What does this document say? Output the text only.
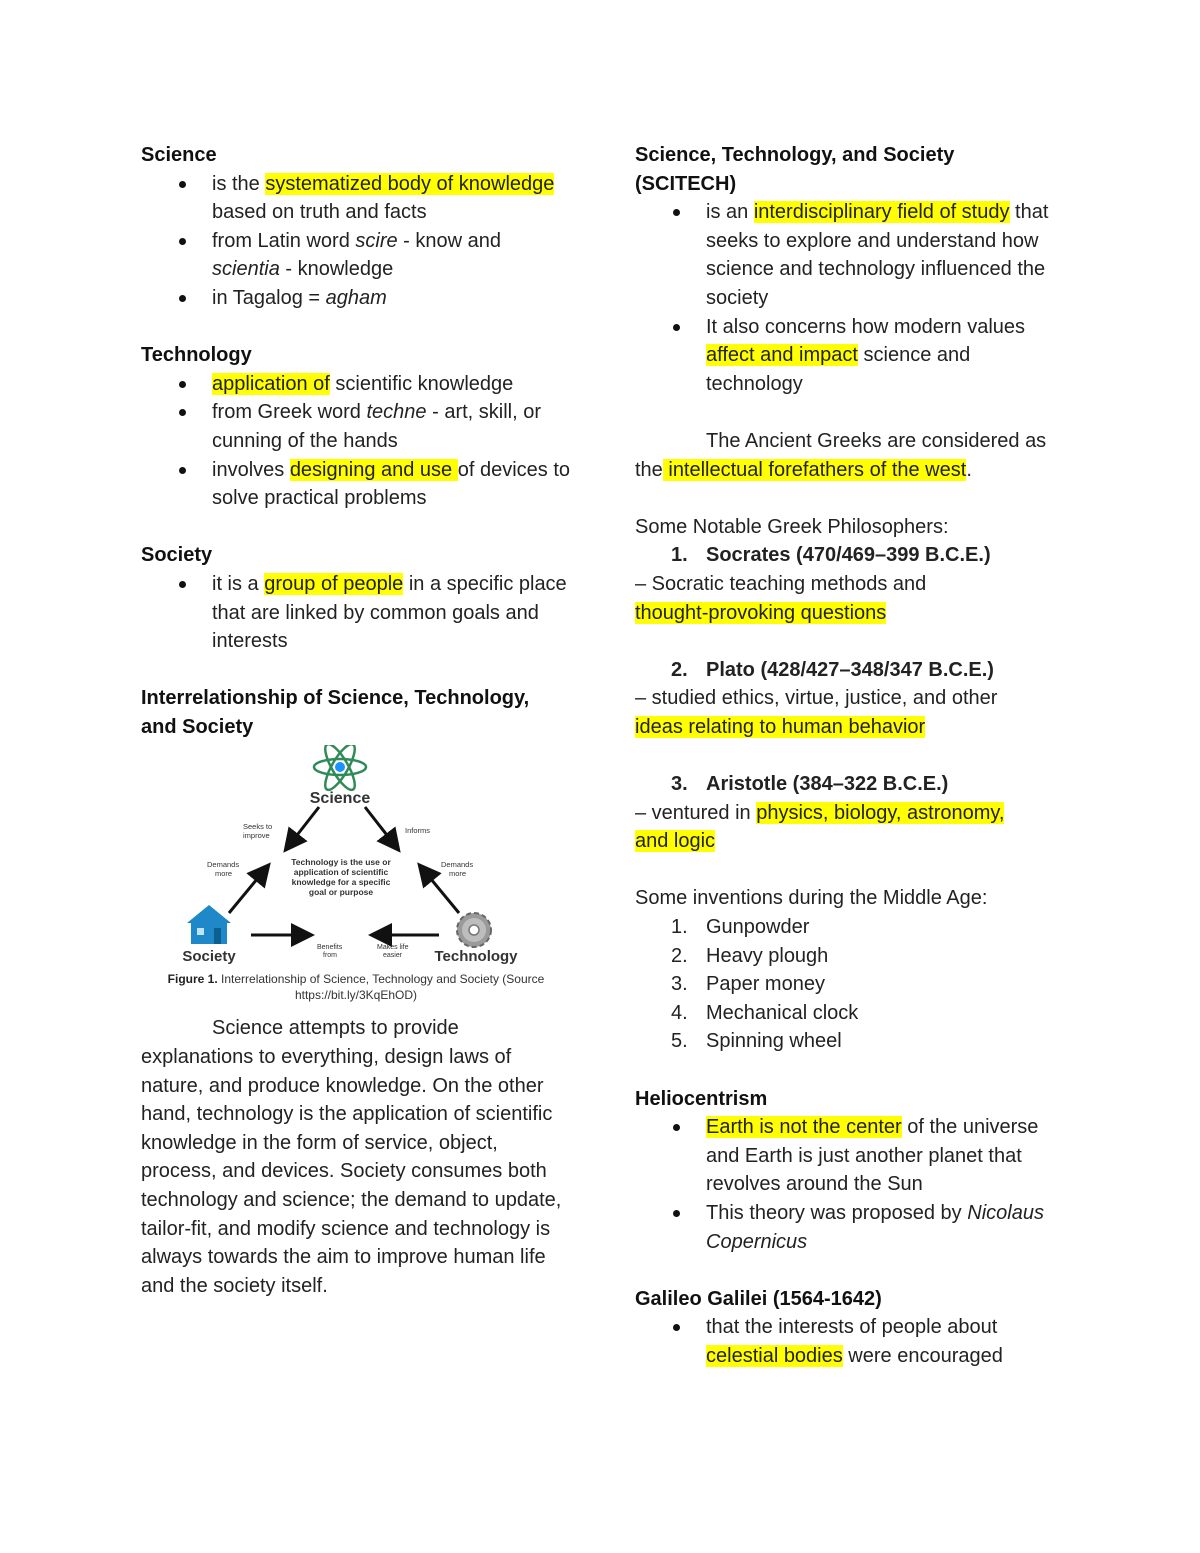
Science
is the systematized body of knowledge based on truth and facts
from Latin word scire - know and scientia - knowledge
in Tagalog = agham
Technology
application of scientific knowledge
from Greek word techne - art, skill, or cunning of the hands
involves designing and use of devices to solve practical problems
Society
it is a group of people in a specific place that are linked by common goals and interests
Interrelationship of Science, Technology,
and Society
Science
Seeks to
improve
Informs
Demands
more
Demands
more
Technology is the use or
application of scientific
knowledge for a specific
goal or purpose
Society	Technology
Benefits
from
Makes life
easier
Figure 1. Interrelationship of Science, Technology and Society (Source
https://bit.ly/3KqEhOD)

Science attempts to provide explanations to everything, design laws of nature, and produce knowledge. On the other hand, technology is the application of scientific knowledge in the form of service, object, process, and devices. Society consumes both technology and science; the demand to update, tailor-fit, and modify science and technology is always towards the aim to improve human life and the society itself.

Science, Technology, and Society
(SCITECH)
is an interdisciplinary field of study that seeks to explore and understand how science and technology influenced the society
It also concerns how modern values affect and impact science and technology

The Ancient Greeks are considered as the intellectual forefathers of the west.

Some Notable Greek Philosophers:

1. Socrates (470/469–399 B.C.E.)

– Socratic teaching methods and

thought-provoking questions

2. Plato (428/427–348/347 B.C.E.)

– studied ethics, virtue, justice, and other

ideas relating to human behavior

3. Aristotle (384–322 B.C.E.)

– ventured in physics, biology, astronomy,

and logic

Some inventions during the Middle Age:

1. Gunpowder
2. Heavy plough
3. Paper money
4. Mechanical clock
5. Spinning wheel
Heliocentrism
Earth is not the center of the universe and Earth is just another planet that revolves around the Sun
This theory was proposed by Nicolaus Copernicus
Galileo Galilei (1564-1642)
that the interests of people about celestial bodies were encouraged
